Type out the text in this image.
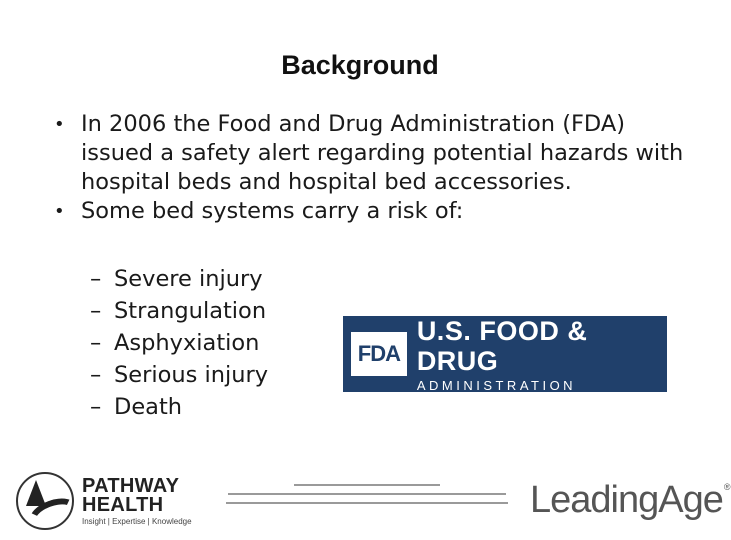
Background
• In 2006 the Food and Drug Administration (FDA) issued a safety alert regarding potential hazards with hospital beds and hospital bed accessories.
• Some bed systems carry a risk of:
– Severe injury
– Strangulation
– Asphyxiation
– Serious injury
– Death
FDA
U.S. FOOD & DRUG
ADMINISTRATION
PATHWAY
HEALTH
Insight | Expertise | Knowledge	LeadingAge ®
